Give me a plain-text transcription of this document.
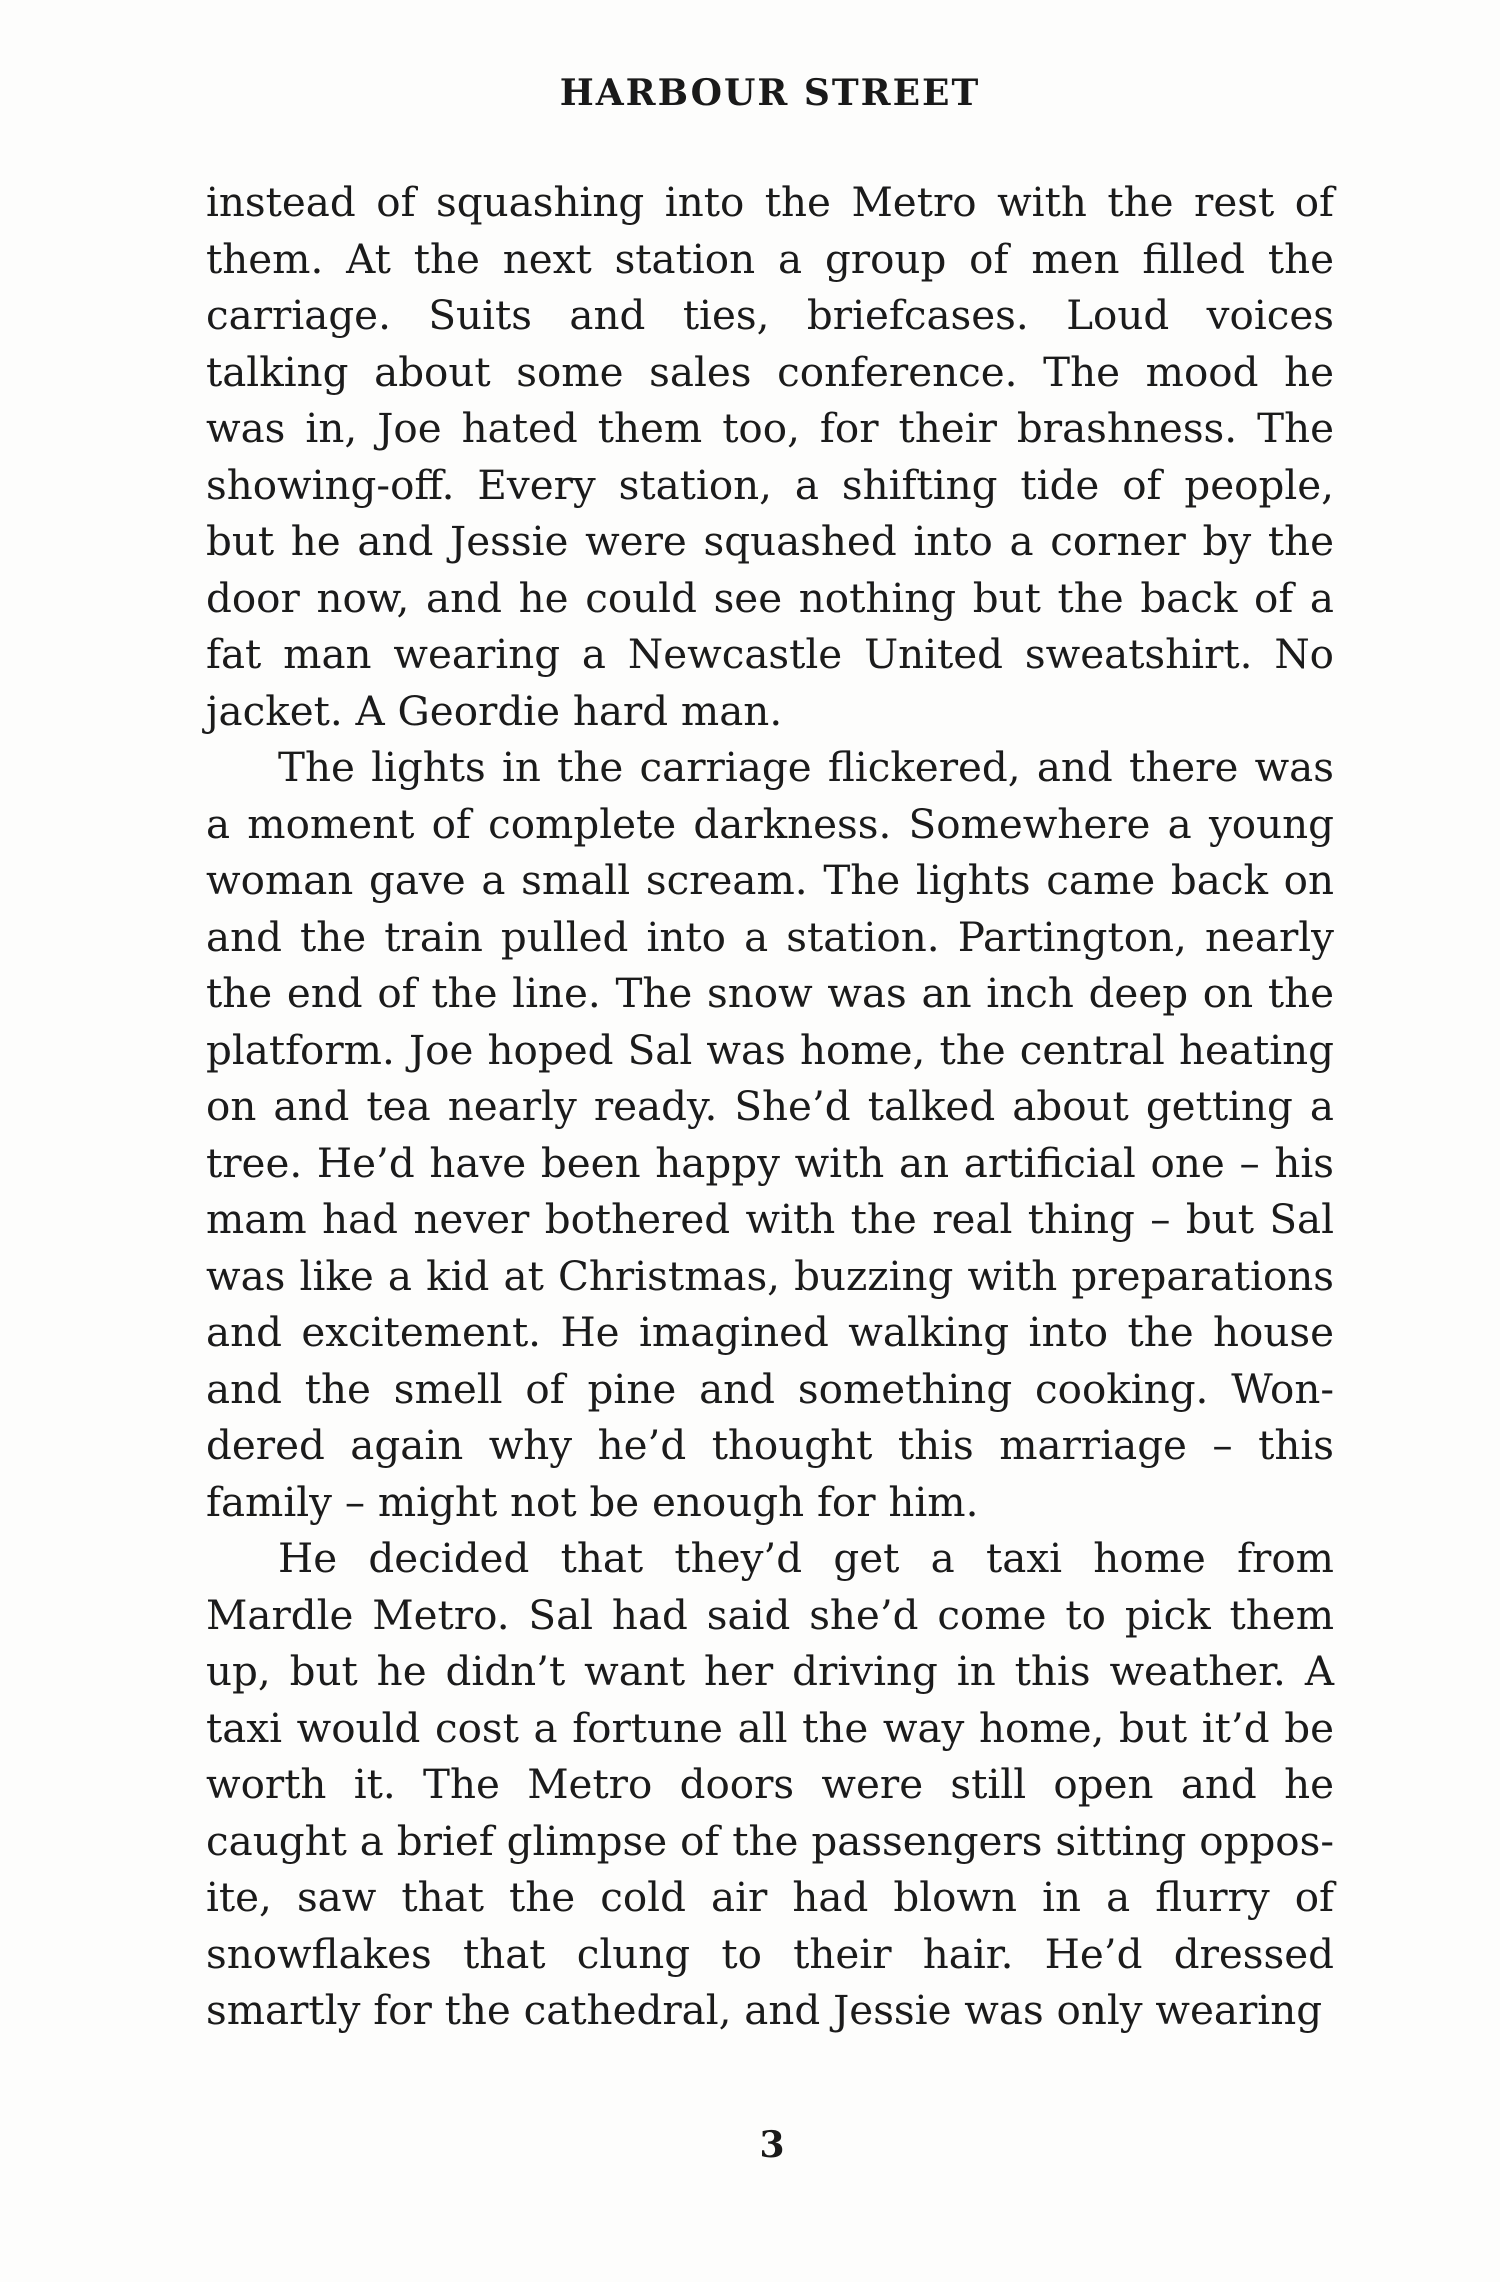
HARBOUR STREET

instead of squashing into the Metro with the rest of them. At the next station a group of men filled the carriage. Suits and ties, briefcases. Loud voices talking about some sales conference. The mood he was in, Joe hated them too, for their brashness. The showing-off. Every station, a shifting tide of people, but he and Jessie were squashed into a corner by the door now, and he could see nothing but the back of a fat man wearing a Newcastle United sweatshirt. No jacket. A Geordie hard man.

The lights in the carriage flickered, and there was a moment of complete darkness. Somewhere a young woman gave a small scream. The lights came back on and the train pulled into a station. Partington, nearly the end of the line. The snow was an inch deep on the platform. Joe hoped Sal was home, the central heating on and tea nearly ready. She’d talked about getting a tree. He’d have been happy with an artificial one – his mam had never bothered with the real thing – but Sal was like a kid at Christmas, buzzing with preparations and excitement. He imagined walking into the house and the smell of pine and something cooking. Won-dered again why he’d thought this marriage – this family – might not be enough for him.

He decided that they’d get a taxi home from Mardle Metro. Sal had said she’d come to pick them up, but he didn’t want her driving in this weather. A taxi would cost a fortune all the way home, but it’d be worth it. The Metro doors were still open and he caught a brief glimpse of the passengers sitting oppos-ite, saw that the cold air had blown in a flurry of snowflakes that clung to their hair. He’d dressed smartly for the cathedral, and Jessie was only wearing

3
